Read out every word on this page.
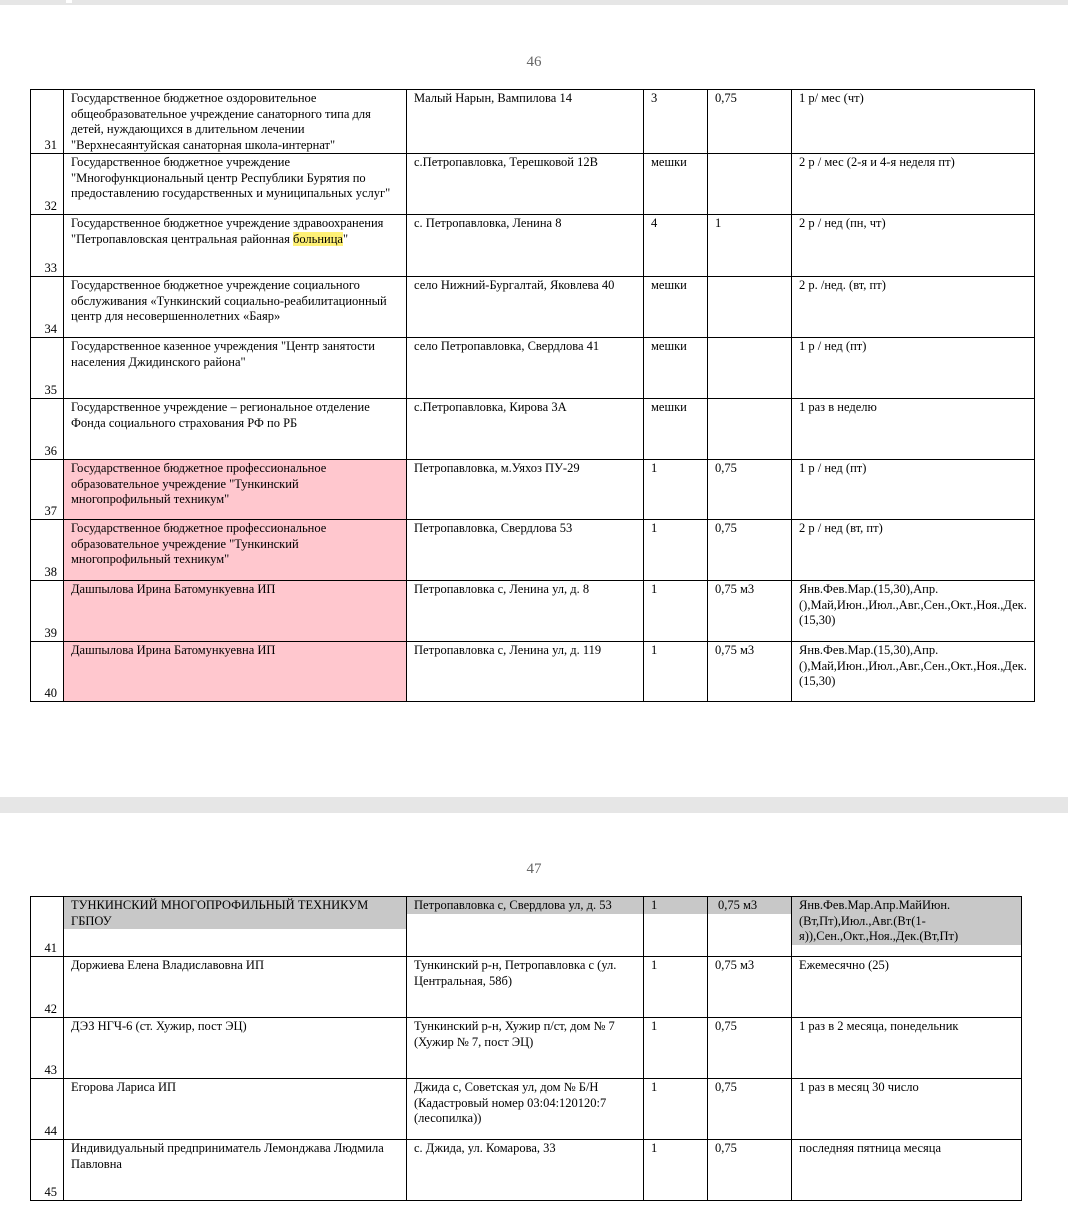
46
31	Государственное бюджетное оздоровительное общеобразовательное учреждение санаторного типа для детей, нуждающихся в длительном лечении "Верхнесаянтуйская санаторная школа-интернат"	Малый Нарын, Вампилова 14	3	0,75	1 р/ мес (чт)
32	Государственное бюджетное учреждение "Многофункциональный центр Республики Бурятия по предоставлению государственных и муниципальных услуг"	с.Петропавловка, Терешковой 12В	мешки		2 р / мес (2-я и 4-я неделя пт)
33	Государственное бюджетное учреждение здравоохранения "Петропавловская центральная районная больница"	с. Петропавловка, Ленина 8	4	1	2 р / нед (пн, чт)
34	Государственное бюджетное учреждение социального обслуживания «Тункинский социально-реабилитационный центр для несовершеннолетних «Баяр»	село Нижний-Бургалтай, Яковлева 40	мешки		2 р. /нед. (вт, пт)
35	Государственное казенное учреждения "Центр занятости населения Джидинского района"	село Петропавловка, Свердлова 41	мешки		1 р / нед (пт)
36	Государственное учреждение – региональное отделение Фонда социального страхования РФ по РБ	с.Петропавловка, Кирова 3А	мешки		1 раз в неделю
37	Государственное бюджетное профессиональное образовательное учреждение "Тункинский многопрофильный техникум"	Петропавловка, м.Уяхоз ПУ-29	1	0,75	1 р / нед (пт)
38	Государственное бюджетное профессиональное образовательное учреждение "Тункинский многопрофильный техникум"	Петропавловка, Свердлова 53	1	0,75	2 р / нед (вт, пт)
39	Дашпылова Ирина Батомункуевна ИП	Петропавловка с, Ленина ул, д. 8	1	0,75 м3	Янв.Фев.Мар.(15,30),Апр.(),Май,Июн.,Июл.,Авг.,Сен.,Окт.,Ноя.,Дек.(15,30)
40	Дашпылова Ирина Батомункуевна ИП	Петропавловка с, Ленина ул, д. 119	1	0,75 м3	Янв.Фев.Мар.(15,30),Апр.(),Май,Июн.,Июл.,Авг.,Сен.,Окт.,Ноя.,Дек.(15,30)
47
41	ТУНКИНСКИЙ МНОГОПРОФИЛЬНЫЙ ТЕХНИКУМ ГБПОУ	Петропавловка с, Свердлова ул, д. 53	1	0,75 м3	Янв.Фев.Мар.Апр.МайИюн.(Вт,Пт),Июл.,Авг.(Вт(1-я)),Сен.,Окт.,Ноя.,Дек.(Вт,Пт)

42	Доржиева Елена Владиславовна ИП	Тункинский р-н, Петропавловка с (ул. Центральная, 58б)	1	0,75 м3	Ежемесячно (25)
43	ДЭЗ НГЧ-6 (ст. Хужир, пост ЭЦ)	Тункинский р-н, Хужир п/ст, дом № 7 (Хужир № 7, пост ЭЦ)	1	0,75	1 раз в 2 месяца, понедельник
44	Егорова Лариса ИП	Джида с, Советская ул, дом № Б/Н (Кадастровый номер 03:04:120120:7 (лесопилка))	1	0,75	1 раз в месяц 30 число
45	Индивидуальный предприниматель Лемонджава Людмила Павловна	с. Джида, ул. Комарова, 33	1	0,75	последняя пятница месяца
